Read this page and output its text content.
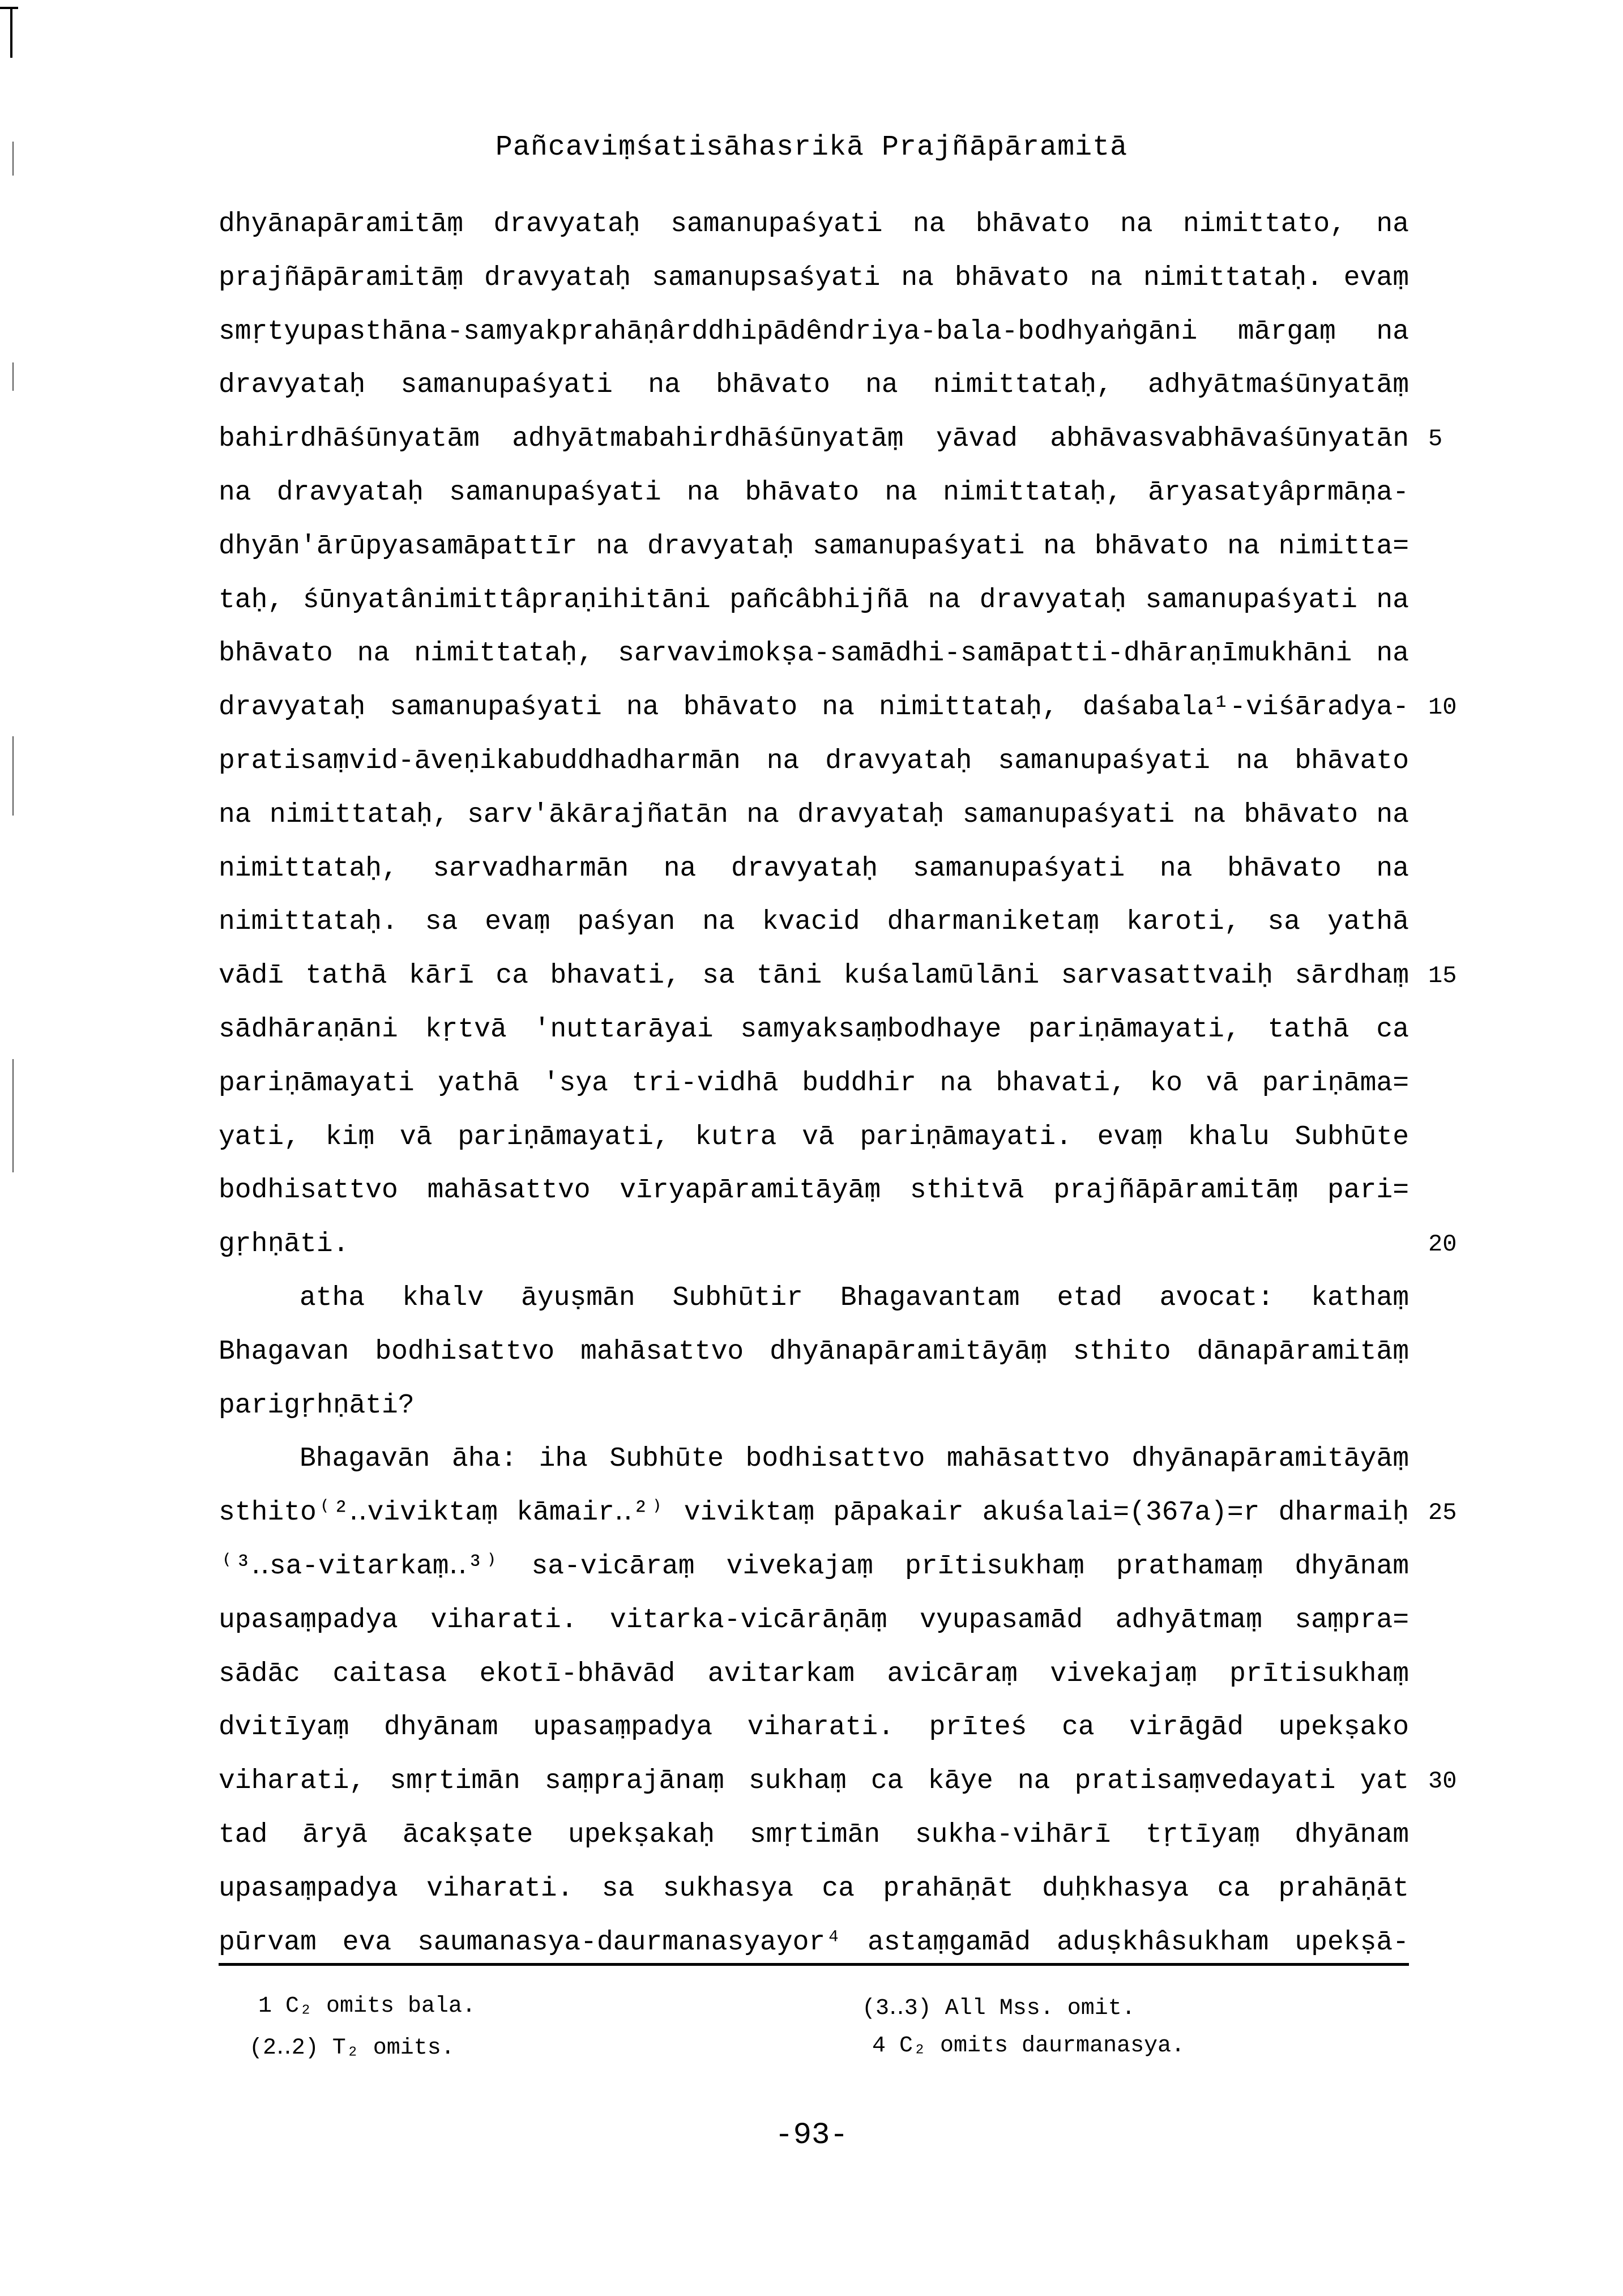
Pañcaviṃśatisāhasrikā Prajñāpāramitā
dhyānapāramitāṃ dravyataḥ samanupaśyati na bhāvato na nimittato, na
prajñāpāramitāṃ dravyataḥ samanupsaśyati na bhāvato na nimittataḥ. evaṃ
smṛtyupasthāna-samyakprahāṇârddhipādêndriya-bala-bodhyaṅgāni mārgaṃ na
dravyataḥ samanupaśyati na bhāvato na nimittataḥ, adhyātmaśūnyatāṃ
bahirdhāśūnyatām adhyātmabahirdhāśūnyatāṃ yāvad abhāvasvabhāvaśūnyatān 5
na dravyataḥ samanupaśyati na bhāvato na nimittataḥ, āryasatyâprmāṇa-
dhyān'ārūpyasamāpattīr na dravyataḥ samanupaśyati na bhāvato na nimitta=
taḥ, śūnyatânimittâpraṇihitāni pañcâbhijñā na dravyataḥ samanupaśyati na
bhāvato na nimittataḥ, sarvavimokṣa-samādhi-samāpatti-dhāraṇīmukhāni na
dravyataḥ samanupaśyati na bhāvato na nimittataḥ, daśabala¹-viśāradya- 10
pratisaṃvid-āveṇikabuddhadharmān na dravyataḥ samanupaśyati na bhāvato
na nimittataḥ, sarv'ākārajñatān na dravyataḥ samanupaśyati na bhāvato na
nimittataḥ, sarvadharmān na dravyataḥ samanupaśyati na bhāvato na
nimittataḥ. sa evaṃ paśyan na kvacid dharmaniketaṃ karoti, sa yathā
vādī tathā kārī ca bhavati, sa tāni kuśalamūlāni sarvasattvaiḥ sārdhaṃ 15
sādhāraṇāni kṛtvā 'nuttarāyai samyaksaṃbodhaye pariṇāmayati, tathā ca
pariṇāmayati yathā 'sya tri-vidhā buddhir na bhavati, ko vā pariṇāma=
yati, kiṃ vā pariṇāmayati, kutra vā pariṇāmayati. evaṃ khalu Subhūte
bodhisattvo mahāsattvo vīryapāramitāyāṃ sthitvā prajñāpāramitāṃ pari=
gṛhṇāti.	20
atha khalv āyuṣmān Subhūtir Bhagavantam etad avocat: kathaṃ
Bhagavan bodhisattvo mahāsattvo dhyānapāramitāyāṃ sthito dānapāramitāṃ
parigṛhṇāti?
Bhagavān āha: iha Subhūte bodhisattvo mahāsattvo dhyānapāramitāyāṃ
sthito⁽²‥viviktaṃ kāmair‥²⁾ viviktaṃ pāpakair akuśalai=(367a)=r dharmaiḥ 25
⁽³‥sa-vitarkaṃ‥³⁾ sa-vicāraṃ vivekajaṃ prītisukhaṃ prathamaṃ dhyānam
upasaṃpadya viharati. vitarka-vicārāṇāṃ vyupasamād adhyātmaṃ saṃpra=
sādāc caitasa ekotī-bhāvād avitarkam avicāraṃ vivekajaṃ prītisukhaṃ
dvitīyaṃ dhyānam upasaṃpadya viharati. prīteś ca virāgād upekṣako
viharati, smṛtimān saṃprajānaṃ sukhaṃ ca kāye na pratisaṃvedayati yat 30
tad āryā ācakṣate upekṣakaḥ smṛtimān sukha-vihārī tṛtīyaṃ dhyānam
upasaṃpadya viharati. sa sukhasya ca prahāṇāt duḥkhasya ca prahāṇāt
pūrvam eva saumanasya-daurmanasyayor⁴ astaṃgamād aduṣkhâsukham upekṣā-
1 C₂ omits bala.
(2‥2) T₂ omits.
(3‥3) All Mss. omit.
4 C₂ omits daurmanasya.
-93-
